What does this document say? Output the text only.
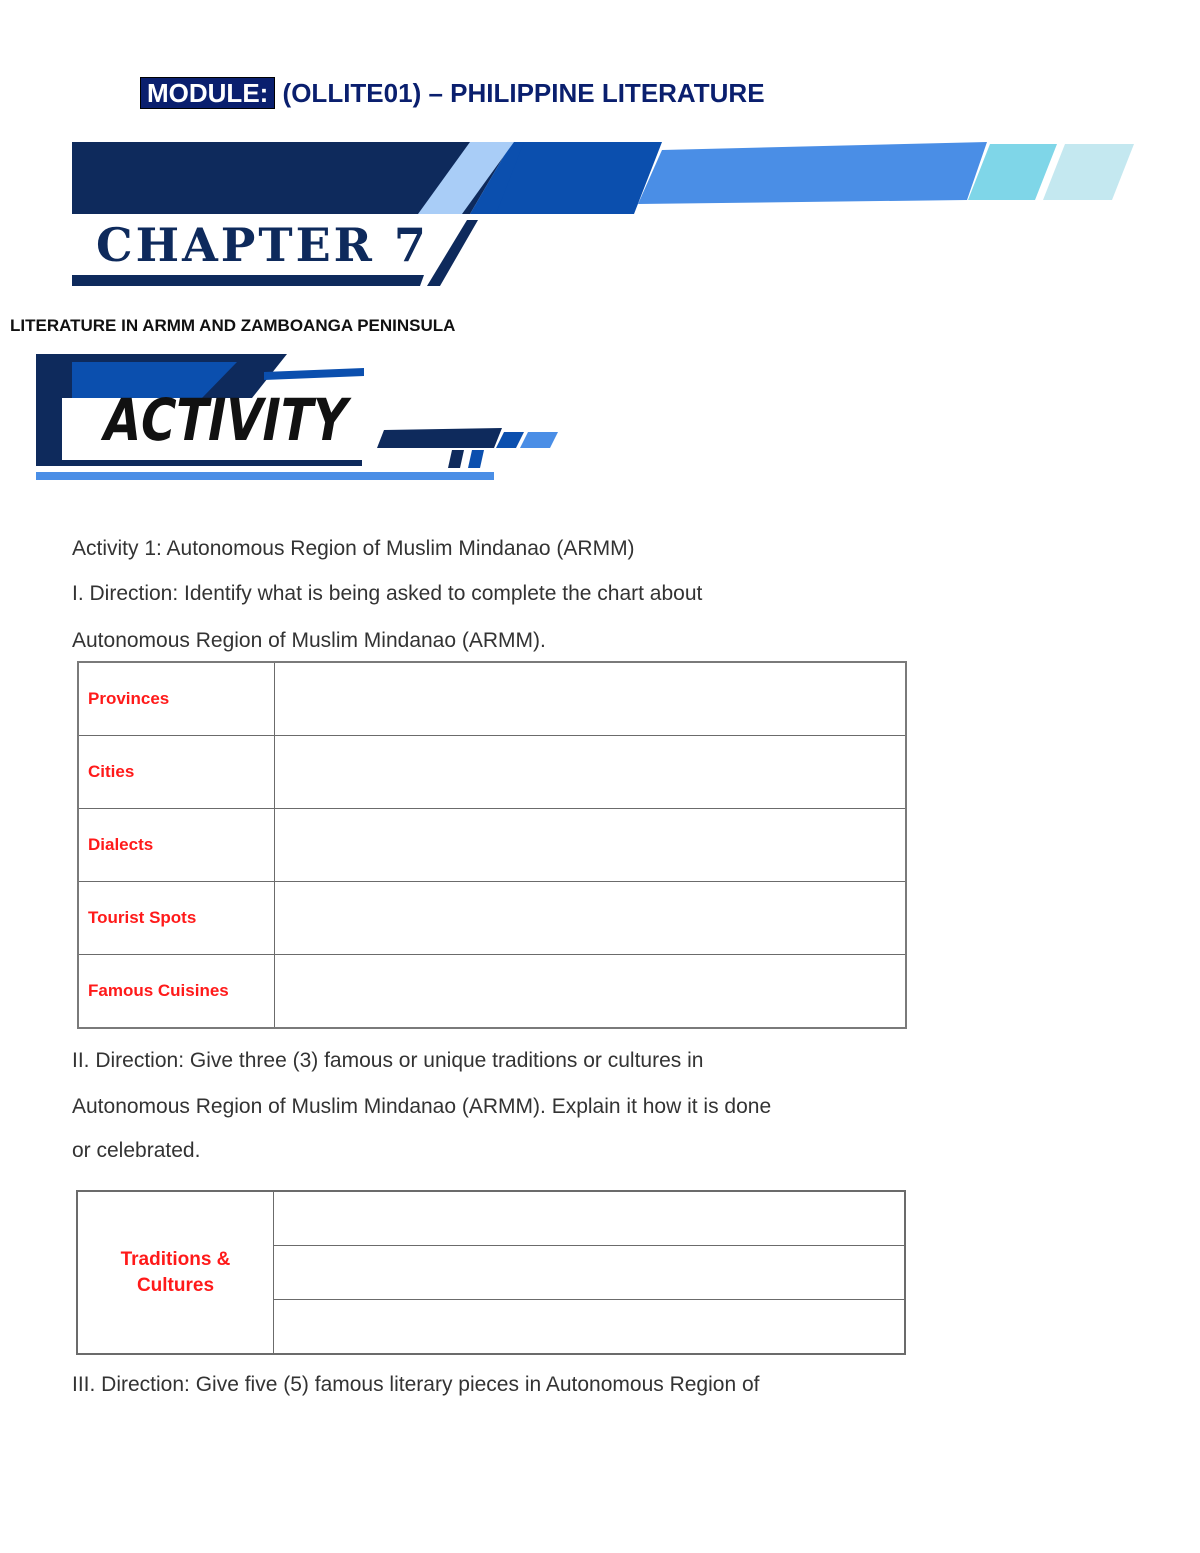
MODULE: (OLLITE01) – PHILIPPINE LITERATURE
CHAPTER 7
LITERATURE IN ARMM AND ZAMBOANGA PENINSULA
ACTIVITY
Activity 1: Autonomous Region of Muslim Mindanao (ARMM)
I. Direction: Identify what is being asked to complete the chart about
Autonomous Region of Muslim Mindanao (ARMM).
Provinces	
Cities	
Dialects	
Tourist Spots	
Famous Cuisines	
II. Direction: Give three (3) famous or unique traditions or cultures in
Autonomous Region of Muslim Mindanao (ARMM). Explain it how it is done
or celebrated.
Traditions &
Cultures

III. Direction: Give five (5) famous literary pieces in Autonomous Region of
